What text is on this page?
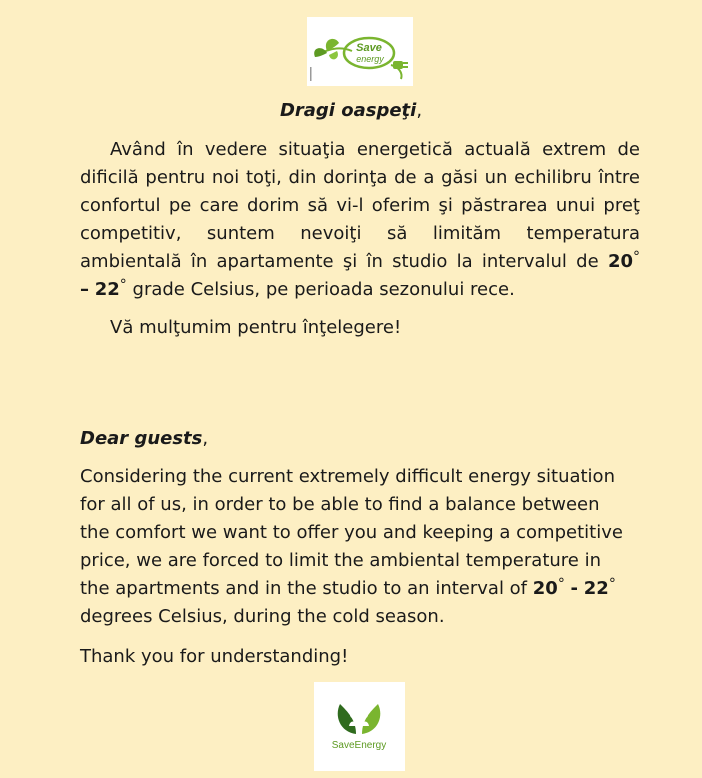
Save
energy
Dragi oaspeţi,
Având în vedere situaţia energetică actuală extrem de
dificilă pentru noi toţi, din dorinţa de a găsi un echilibru între
confortul pe care dorim să vi-l oferim şi păstrarea unui preţ
competitiv, suntem nevoiţi să limităm temperatura
ambientală în apartamente şi în studio la intervalul de 20°
– 22° grade Celsius, pe perioada sezonului rece.
Vă mulţumim pentru înţelegere!
Dear guests,
Considering the current extremely difficult energy situation
for all of us, in order to be able to find a balance between
the comfort we want to offer you and keeping a competitive
price, we are forced to limit the ambiental temperature in
the apartments and in the studio to an interval of 20° - 22°
degrees Celsius, during the cold season.
Thank you for understanding!
SaveEnergy
